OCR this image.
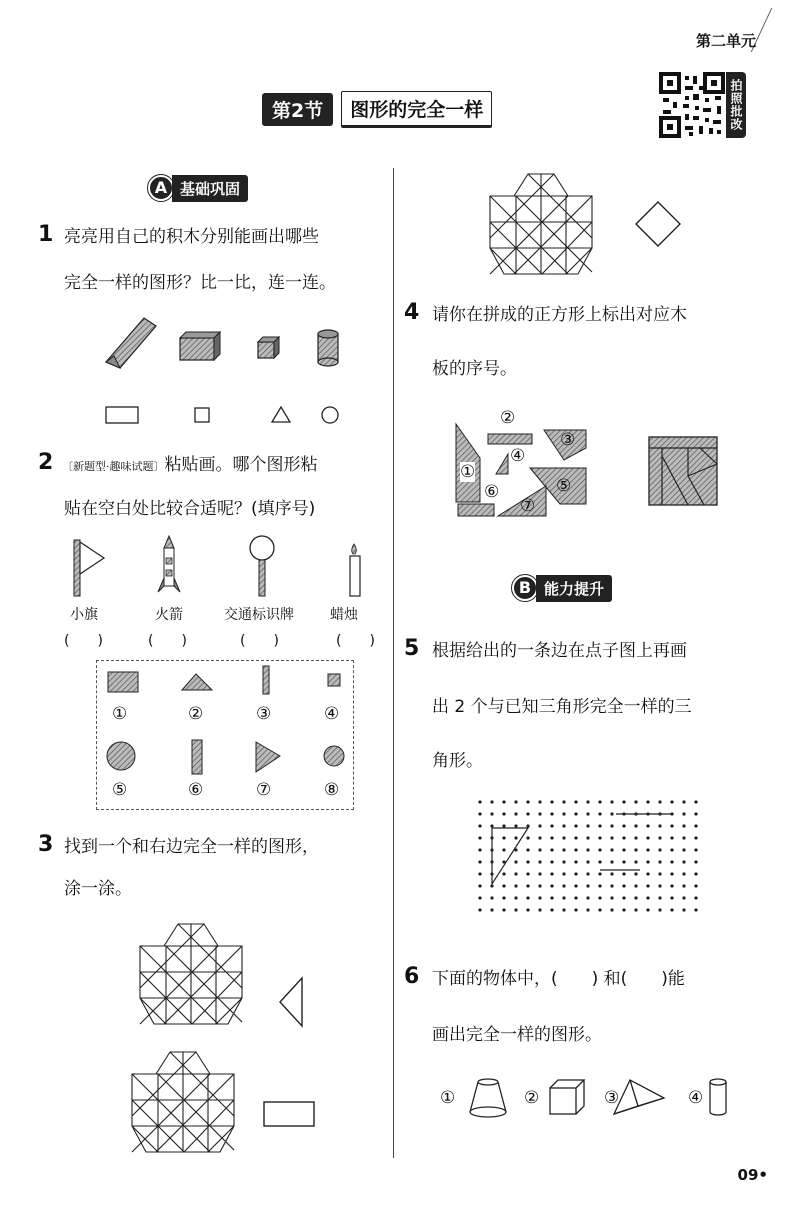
第二单元
拍照批改
第2节	图形的完全一样
A 基础巩固
1 亮亮用自己的积木分别能画出哪些
完全一样的图形？比一比，连一连。
2 〔新题型·趣味试题〕粘贴画。哪个图形粘
贴在空白处比较合适呢？(填序号)
小旗	火箭	交通标识牌	蜡烛
(　　)	(　　)	(　　)	(　　)
①	②	③	④
⑤	⑥	⑦	⑧
3 找到一个和右边完全一样的图形，
涂一涂。
4 请你在拼成的正方形上标出对应木
板的序号。
①
②
③
④
⑤
⑥
⑦
B 能力提升
5 根据给出的一条边在点子图上再画
出 2 个与已知三角形完全一样的三
角形。
6 下面的物体中，(　　) 和(　　)能
画出完全一样的图形。
①	②	③	④
09•
